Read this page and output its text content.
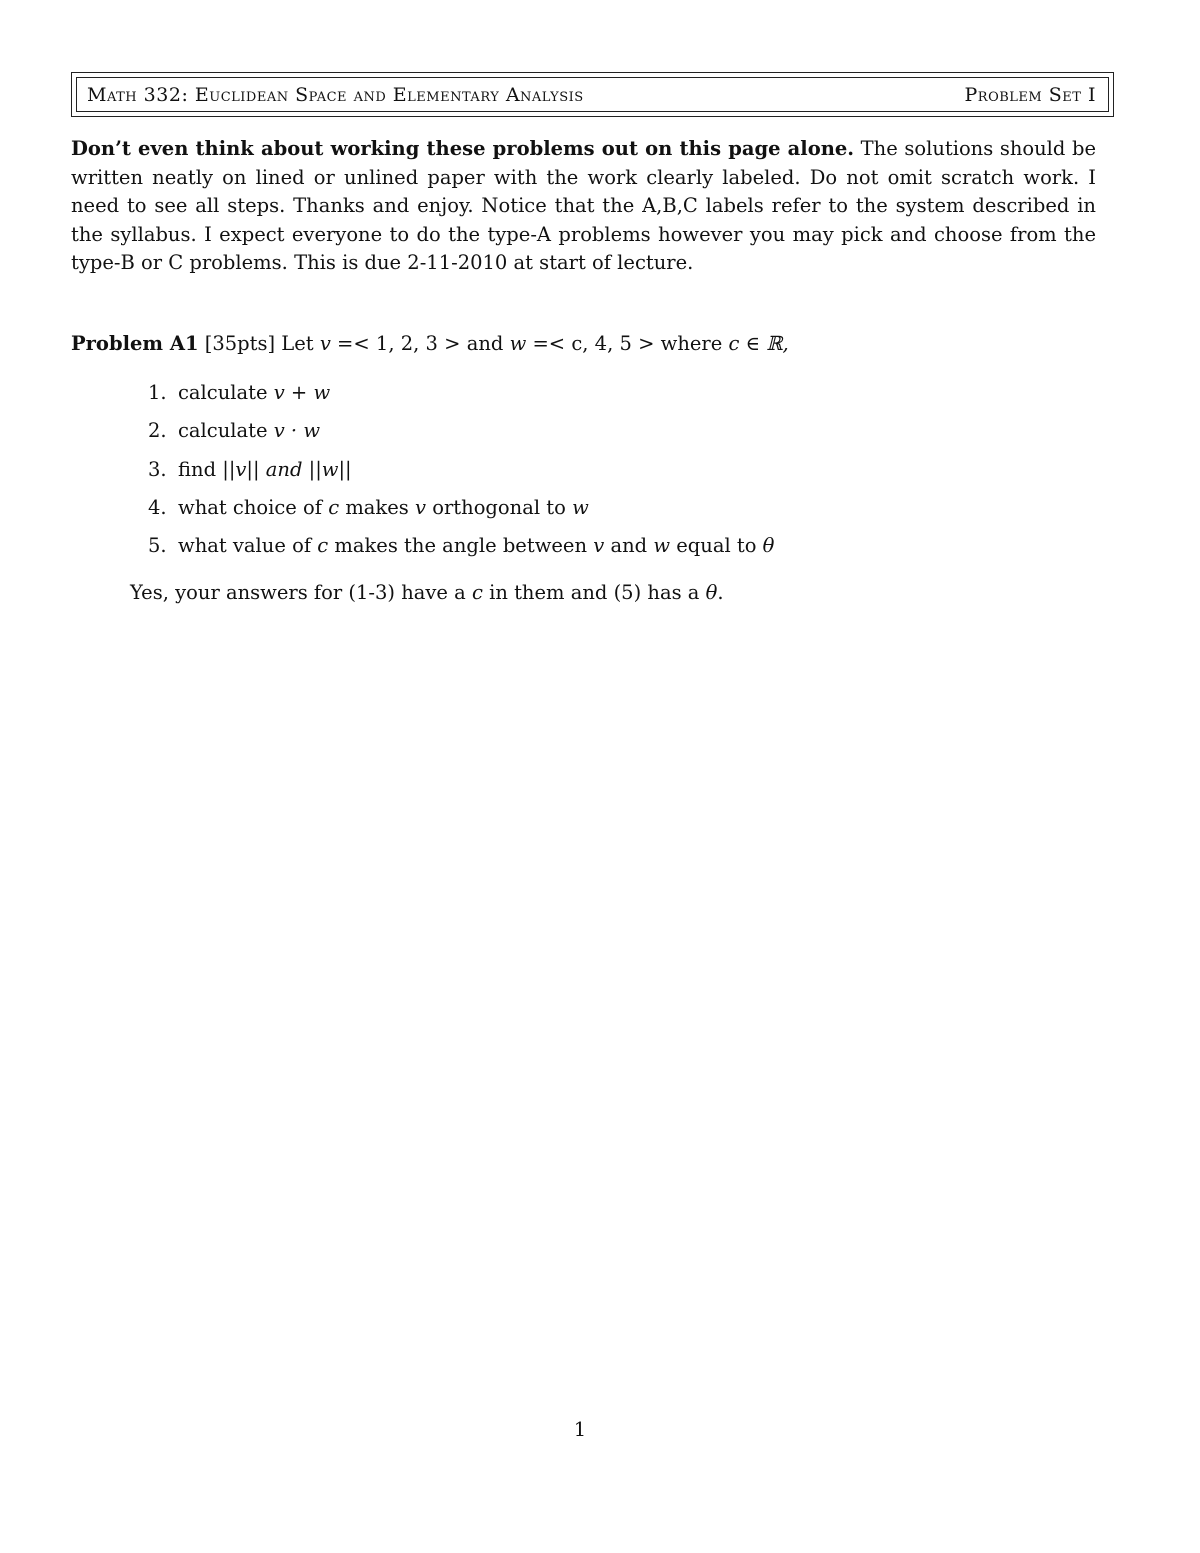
Math 332: Euclidean Space and Elementary Analysis	Problem Set I
Don’t even think about working these problems out on this page alone. The solutions should be written neatly on lined or unlined paper with the work clearly labeled. Do not omit scratch work. I need to see all steps. Thanks and enjoy. Notice that the A,B,C labels refer to the system described in the syllabus. I expect everyone to do the type-A problems however you may pick and choose from the type-B or C problems. This is due 2-11-2010 at start of lecture.
Problem A1 [35pts] Let v =< 1, 2, 3 > and w =< c, 4, 5 > where c ∈ ℝ,
1. calculate v + w
2. calculate v · w
3. find ||v|| and ||w||
4. what choice of c makes v orthogonal to w
5. what value of c makes the angle between v and w equal to θ
Yes, your answers for (1-3) have a c in them and (5) has a θ.
1
